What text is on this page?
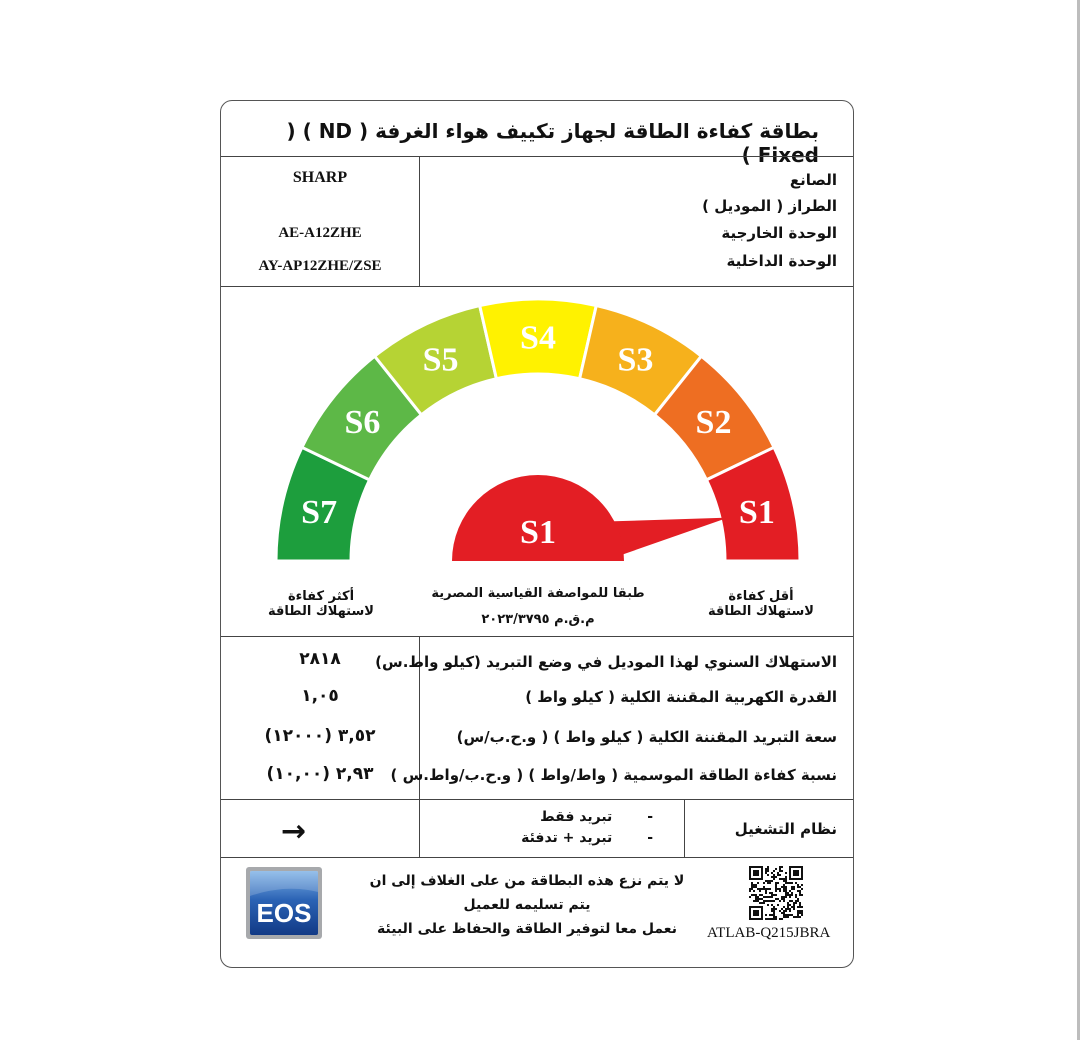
بطاقة كفاءة الطاقة لجهاز تكييف هواء الغرفة ( ND ) ( Fixed )
الصانع
الطراز ( الموديل )
الوحدة الخارجية
الوحدة الداخلية
SHARP
AE-A12ZHE
AY-AP12ZHE/ZSE
S7
S6
S5
S4
S3
S2
S1
S1
أكثر كفاءة
لاستهلاك الطاقة
طبقا للمواصفة القياسية المصرية
م.ق.م ٢٠٢٣/٣٧٩٥
أقل كفاءة
لاستهلاك الطاقة
الاستهلاك السنوي لهذا الموديل في وضع التبريد (كيلو واط.س)
القدرة الكهربية المقننة الكلية ( كيلو واط )
سعة التبريد المقننة الكلية ( كيلو واط ) ( و.ح.ب/س)
نسبة كفاءة الطاقة الموسمية ( واط/واط ) ( و.ح.ب/واط.س )
٢٨١٨
١,٠٥
٣,٥٢ (١٢٠٠٠)
٢,٩٣ (١٠,٠٠)
نظام التشغيل
- تبريد فقط
- تبريد + تدفئة
→
EOS
لا يتم نزع هذه البطاقة من على الغلاف إلى ان
يتم تسليمه للعميل
نعمل معا لتوفير الطاقة والحفاظ على البيئة	ATLAB-Q215JBRA
